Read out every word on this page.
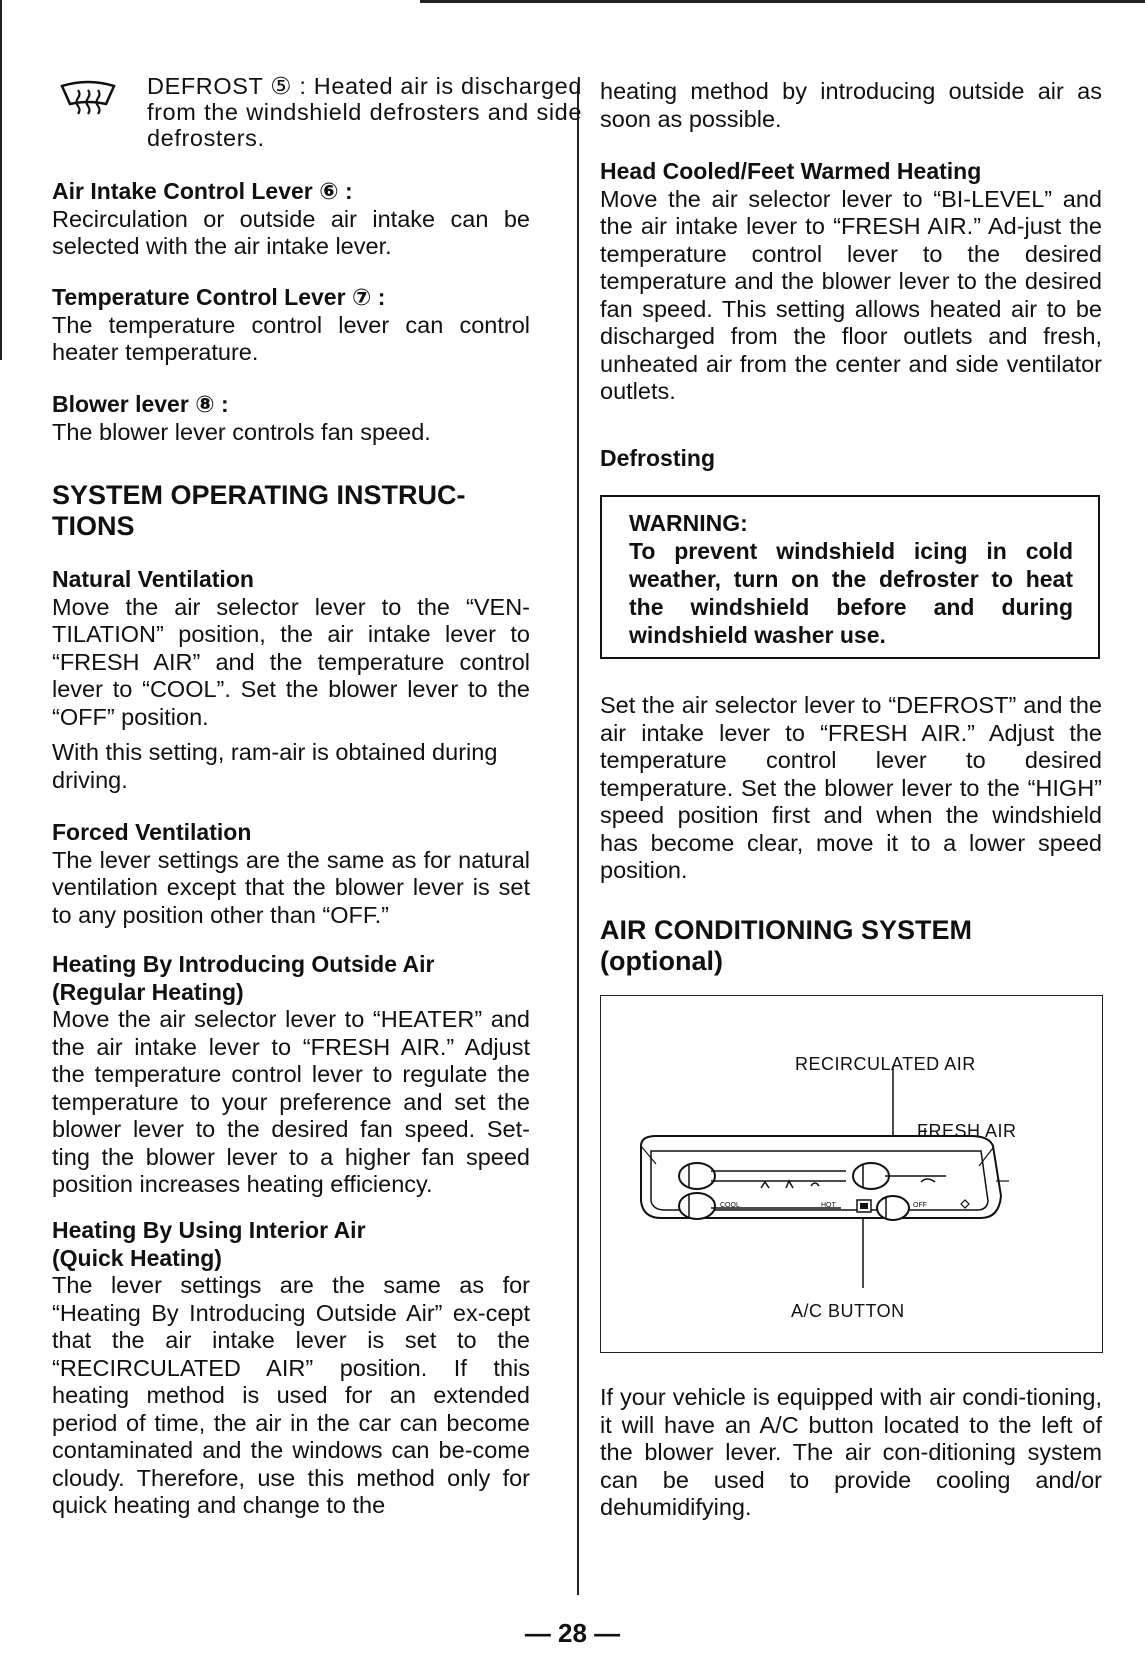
DEFROST ⑤ : Heated air is discharged from the windshield defrosters and side defrosters.
Air Intake Control Lever ⑥ :
Recirculation or outside air intake can be selected with the air intake lever.
Temperature Control Lever ⑦ :
The temperature control lever can control heater temperature.
Blower lever ⑧ :
The blower lever controls fan speed.
SYSTEM OPERATING INSTRUC-TIONS
Natural Ventilation
Move the air selector lever to the “VEN-TILATION” position, the air intake lever to “FRESH AIR” and the temperature control lever to “COOL”. Set the blower lever to the “OFF” position.
With this setting, ram-air is obtained during driving.
Forced Ventilation
The lever settings are the same as for natural ventilation except that the blower lever is set to any position other than “OFF.”
Heating By Introducing Outside Air (Regular Heating)
Move the air selector lever to “HEATER” and the air intake lever to “FRESH AIR.” Adjust the temperature control lever to regulate the temperature to your preference and set the blower lever to the desired fan speed. Set-ting the blower lever to a higher fan speed position increases heating efficiency.
Heating By Using Interior Air (Quick Heating)
The lever settings are the same as for “Heating By Introducing Outside Air” ex-cept that the air intake lever is set to the “RECIRCULATED AIR” position. If this heating method is used for an extended period of time, the air in the car can become contaminated and the windows can be-come cloudy. Therefore, use this method only for quick heating and change to the
heating method by introducing outside air as soon as possible.
Head Cooled/Feet Warmed Heating
Move the air selector lever to “BI-LEVEL” and the air intake lever to “FRESH AIR.” Ad-just the temperature control lever to the desired temperature and the blower lever to the desired fan speed. This setting allows heated air to be discharged from the floor outlets and fresh, unheated air from the center and side ventilator outlets.
Defrosting
WARNING:
To prevent windshield icing in cold weather, turn on the defroster to heat the windshield before and during windshield washer use.
Set the air selector lever to “DEFROST” and the air intake lever to “FRESH AIR.” Adjust the temperature control lever to desired temperature. Set the blower lever to the “HIGH” speed position first and when the windshield has become clear, move it to a lower speed position.
AIR CONDITIONING SYSTEM (optional)
RECIRCULATED AIR
FRESH AIR
A/C BUTTON
COOL	HOT	OFF
If your vehicle is equipped with air condi-tioning, it will have an A/C button located to the left of the blower lever. The air con-ditioning system can be used to provide cooling and/or dehumidifying.
— 28 —
